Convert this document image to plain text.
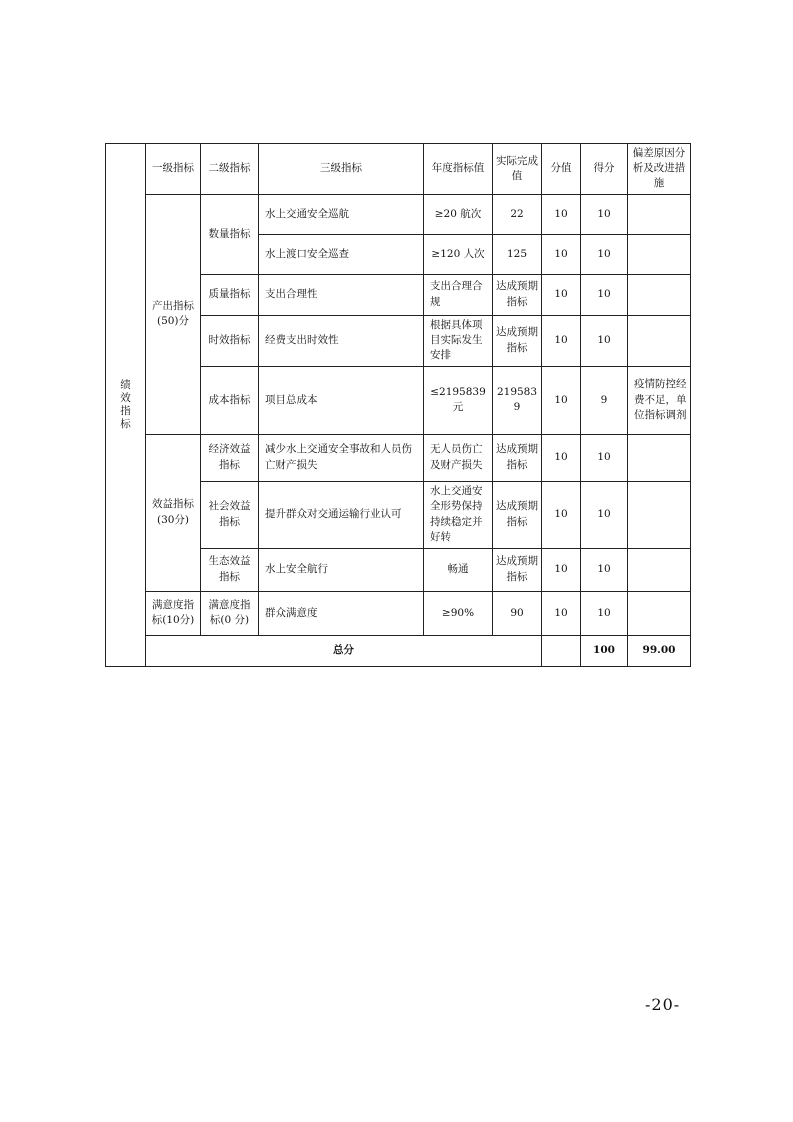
绩
效
指
标	一级指标	二级指标	三级指标	年度指标值	实际完成值	分值	得分	偏差原因分析及改进措施	
	产出指标(50)分	数量指标	水上交通安全巡航	≥20 航次	22	10	10		
			水上渡口安全巡查	≥120 人次	125	10	10		
		质量指标	支出合理性	支出合理合规	达成预期指标	10	10		
		时效指标	经费支出时效性	根据具体项目实际发生安排	达成预期指标	10	10		
		成本指标	项目总成本	≤2195839元	2195839	10	9	疫情防控经费不足，单位指标调剂	
	效益指标(30分)	经济效益指标	减少水上交通安全事故和人员伤亡财产损失	无人员伤亡及财产损失	达成预期指标	10	10		
		社会效益指标	提升群众对交通运输行业认可	水上交通安全形势保持持续稳定并好转	达成预期指标	10	10		
		生态效益指标	水上安全航行	畅通	达成预期指标	10	10		
	满意度指标(10分)	满意度指标(0 分)	群众满意度	≥90%	90	10	10		
	总分						100	99.00	
-20-
